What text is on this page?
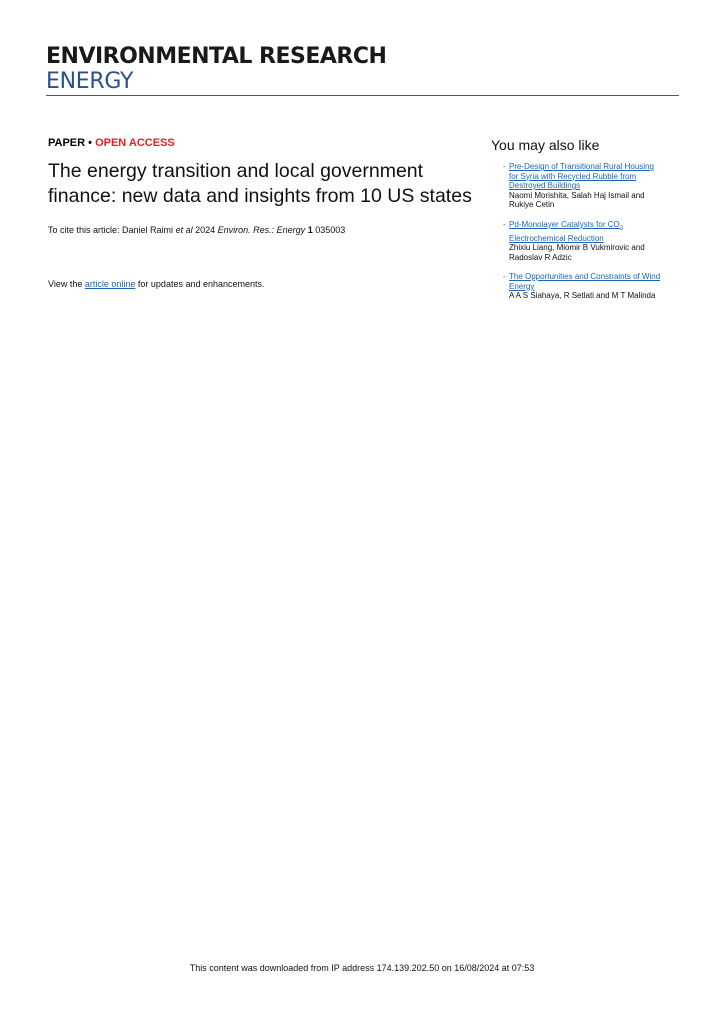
ENVIRONMENTAL RESEARCH
ENERGY
PAPER • OPEN ACCESS
The energy transition and local government
finance: new data and insights from 10 US states
To cite this article: Daniel Raimi et al 2024 Environ. Res.: Energy 1 035003
View the article online for updates and enhancements.
You may also like
- Pre-Design of Transitional Rural Housing
for Syria with Recycled Rubble from
Destroyed Buildings
Naomi Morishita, Salah Haj Ismail and
Rukiye Cetin
- Pd-Monolayer Catalysts for $CO_2$
Electrochemical Reduction
Zhixiu Liang, Miomir B Vukmirovic and
Radoslav R Adzic
- The Opportunities and Constraints of Wind
Energy
A A S Siahaya, R Setlati and M T Malinda
This content was downloaded from IP address 174.139.202.50 on 16/08/2024 at 07:53
